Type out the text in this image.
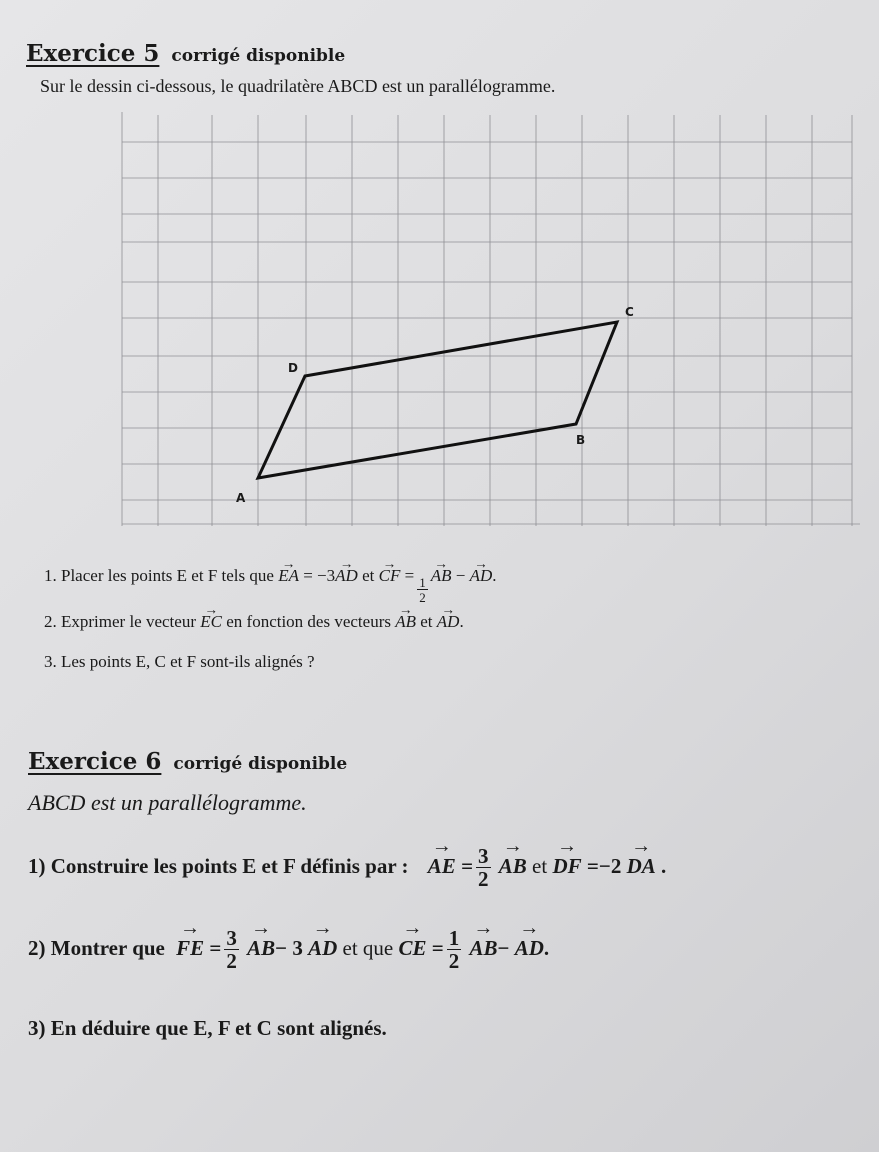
Exercice 5 corrigé disponible
Sur le dessin ci-dessous, le quadrilatère ABCD est un parallélogramme.
A
B
C
D
1. Placer les points E et F tels que → EA = −3→ AD et → CF =
$\frac{1}{2}$
→ AB − → AD.
2. Exprimer le vecteur → EC en fonction des vecteurs → AB et → AD.
3. Les points E, C et F sont-ils alignés ?
Exercice 6 corrigé disponible
ABCD est un parallélogramme.
1) Construire les points E et F définis par : → AE = $\frac{3}{2}$
→ AB et → DF =−2 → DA .
2) Montrer que → FE = $\frac{3}{2}$
→ AB− 3 → AD et que → CE = $\frac{1}{2}$
→ AB− → AD.
3) En déduire que E, F et C sont alignés.
